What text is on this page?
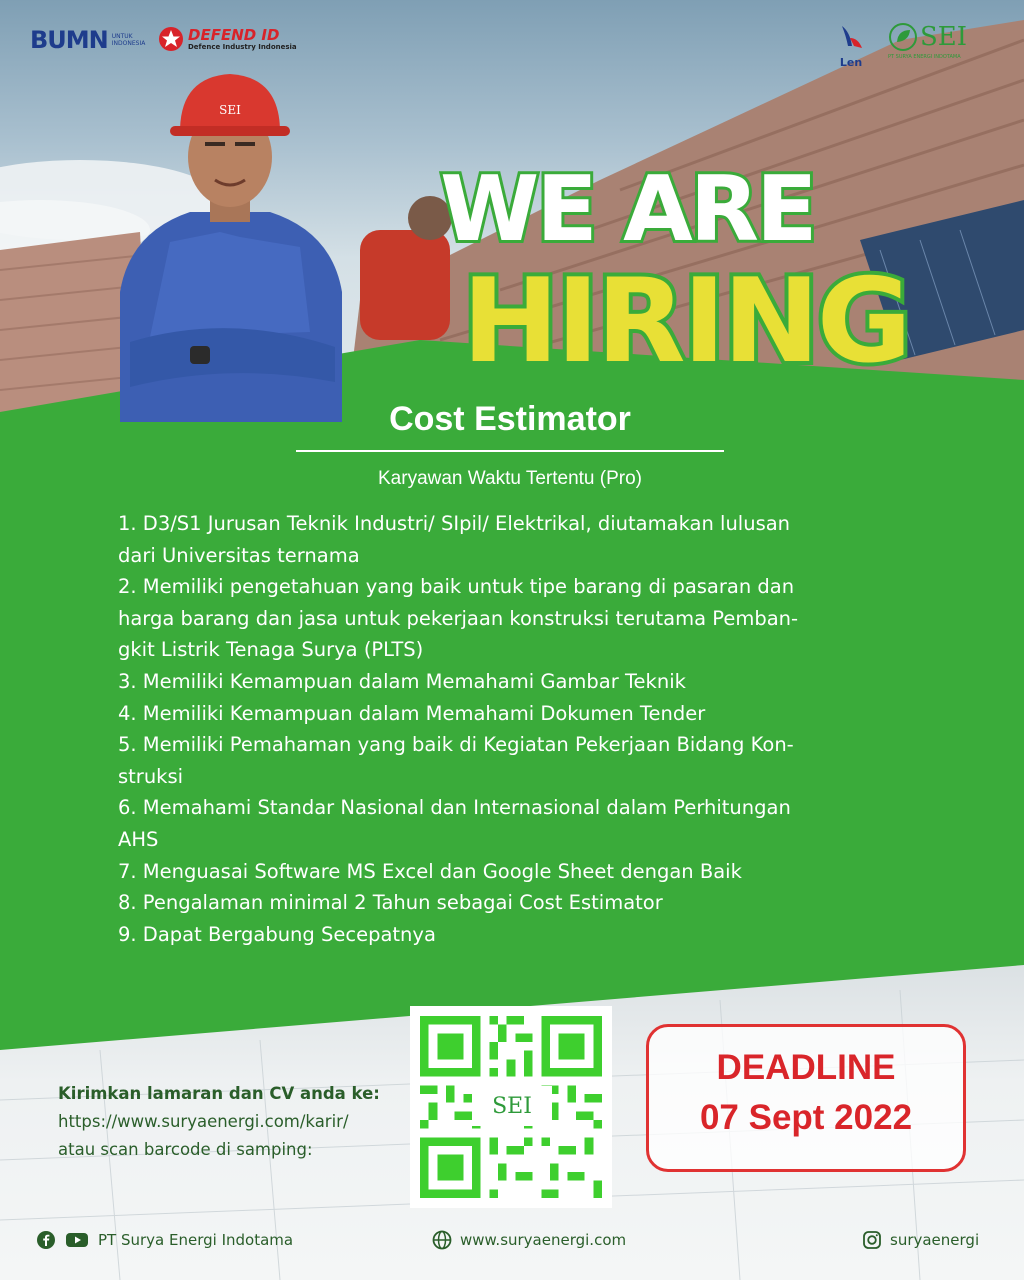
SEI
BUMN UNTUK INDONESIA	DEFEND ID
Defence Industry Indonesia
Len
SEI
PT SURYA ENERGI INDOTAMA
WE ARE
HIRING
Cost Estimator
Karyawan Waktu Tertentu (Pro)
1. D3/S1 Jurusan Teknik Industri/ SIpil/ Elektrikal, diutamakan lulusan
dari Universitas ternama
2. Memiliki pengetahuan yang baik untuk tipe barang di pasaran dan
harga barang dan jasa untuk pekerjaan konstruksi terutama Pemban-
gkit Listrik Tenaga Surya (PLTS)
3. Memiliki Kemampuan dalam Memahami Gambar Teknik
4. Memiliki Kemampuan dalam Memahami Dokumen Tender
5. Memiliki Pemahaman yang baik di Kegiatan Pekerjaan Bidang Kon-
struksi
6. Memahami Standar Nasional dan Internasional dalam Perhitungan
AHS
7. Menguasai Software MS Excel dan Google Sheet dengan Baik
8. Pengalaman minimal 2 Tahun sebagai Cost Estimator
9. Dapat Bergabung Secepatnya
Kirimkan lamaran dan CV anda ke:
https://www.suryaenergi.com/karir/
atau scan barcode di samping:
SEI
DEADLINE
07 Sept 2022
PT Surya Energi Indotama	www.suryaenergi.com	suryaenergi
